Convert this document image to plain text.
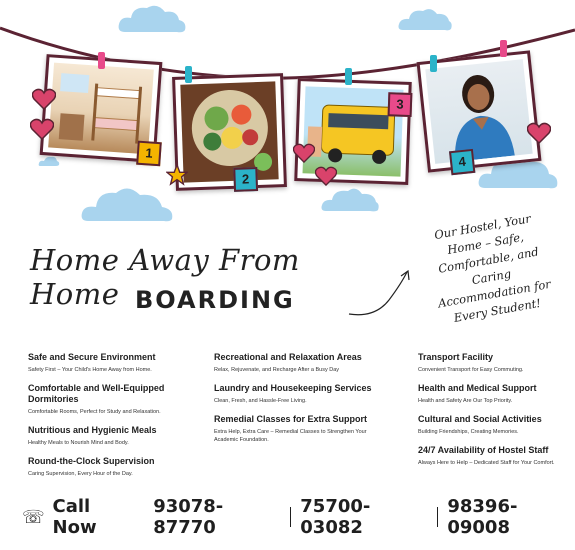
1
2
3
4
Home Away From Home BOARDING
Our Hostel, Your Home – Safe, Comfortable, and Caring Accommodation for Every Student!
Safe and Secure Environment
Safety First – Your Child's Home Away from Home.
Comfortable and Well-Equipped Dormitories
Comfortable Rooms, Perfect for Study and Relaxation.
Nutritious and Hygienic Meals
Healthy Meals to Nourish Mind and Body.
Round-the-Clock Supervision
Caring Supervision, Every Hour of the Day.
Recreational and Relaxation Areas
Relax, Rejuvenate, and Recharge After a Busy Day
Laundry and Housekeeping Services
Clean, Fresh, and Hassle-Free Living.
Remedial Classes for Extra Support
Extra Help, Extra Care – Remedial Classes to Strengthen Your Academic Foundation.
Transport Facility
Convenient Transport for Easy Commuting.
Health and Medical Support
Health and Safety Are Our Top Priority.
Cultural and Social Activities
Building Friendships, Creating Memories.
24/7 Availability of Hostel Staff
Always Here to Help – Dedicated Staff for Your Comfort.
☏ Call Now
93078-87770
75700-03082
98396-09008
